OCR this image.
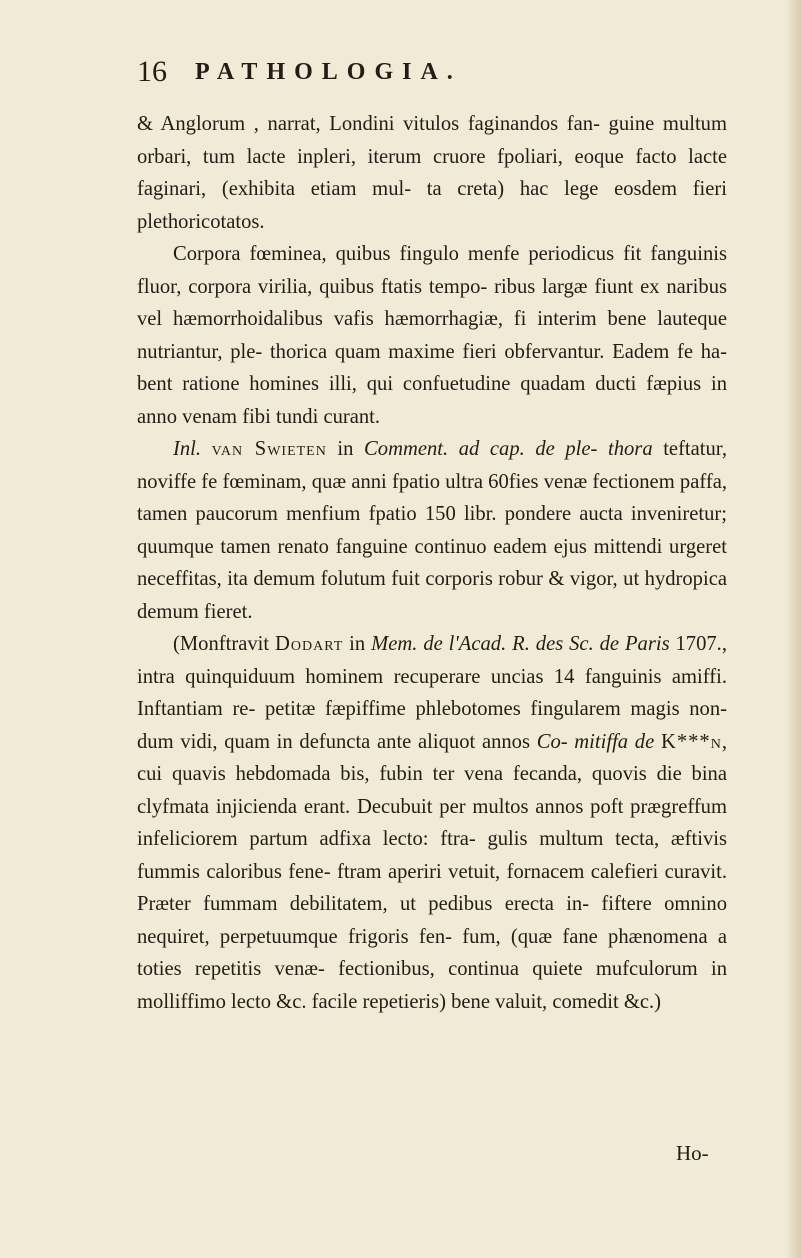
16 PATHOLOGIA.

& Anglorum , narrat, Londini vitulos faginandos fan- guine multum orbari, tum lacte inpleri, iterum cruore fpoliari, eoque facto lacte faginari, (exhibita etiam mul- ta creta) hac lege eosdem fieri plethoricotatos.

Corpora fœminea, quibus fingulo menfe periodicus fit fanguinis fluor, corpora virilia, quibus ftatis tempo- ribus largæ fiunt ex naribus vel hæmorrhoidalibus vafis hæmorrhagiæ, fi interim bene lauteque nutriantur, ple- thorica quam maxime fieri obfervantur. Eadem fe ha- bent ratione homines illi, qui confuetudine quadam ducti fæpius in anno venam fibi tundi curant.

Inl. van Swieten in Comment. ad cap. de ple- thora teftatur, noviffe fe fœminam, quæ anni fpatio ultra 60fies venæ fectionem paffa, tamen paucorum menfium fpatio 150 libr. pondere aucta inveniretur; quumque tamen renato fanguine continuo eadem ejus mittendi urgeret neceffitas, ita demum folutum fuit corporis robur & vigor, ut hydropica demum fieret.

(Monftravit Dodart in Mem. de l'Acad. R. des Sc. de Paris 1707., intra quinquiduum hominem recuperare uncias 14 fanguinis amiffi. Inftantiam re- petitæ fæpiffime phlebotomes fingularem magis non- dum vidi, quam in defuncta ante aliquot annos Co- mitiffa de K***n, cui quavis hebdomada bis, fubin ter vena fecanda, quovis die bina clyfmata injicienda erant. Decubuit per multos annos poft prægreffum infeliciorem partum adfixa lecto: ftra- gulis multum tecta, æftivis fummis caloribus fene- ftram aperiri vetuit, fornacem calefieri curavit. Præter fummam debilitatem, ut pedibus erecta in- fiftere omnino nequiret, perpetuumque frigoris fen- fum, (quæ fane phænomena a toties repetitis venæ- fectionibus, continua quiete mufculorum in molliffimo lecto &c. facile repetieris) bene valuit, comedit &c.)

Ho-
